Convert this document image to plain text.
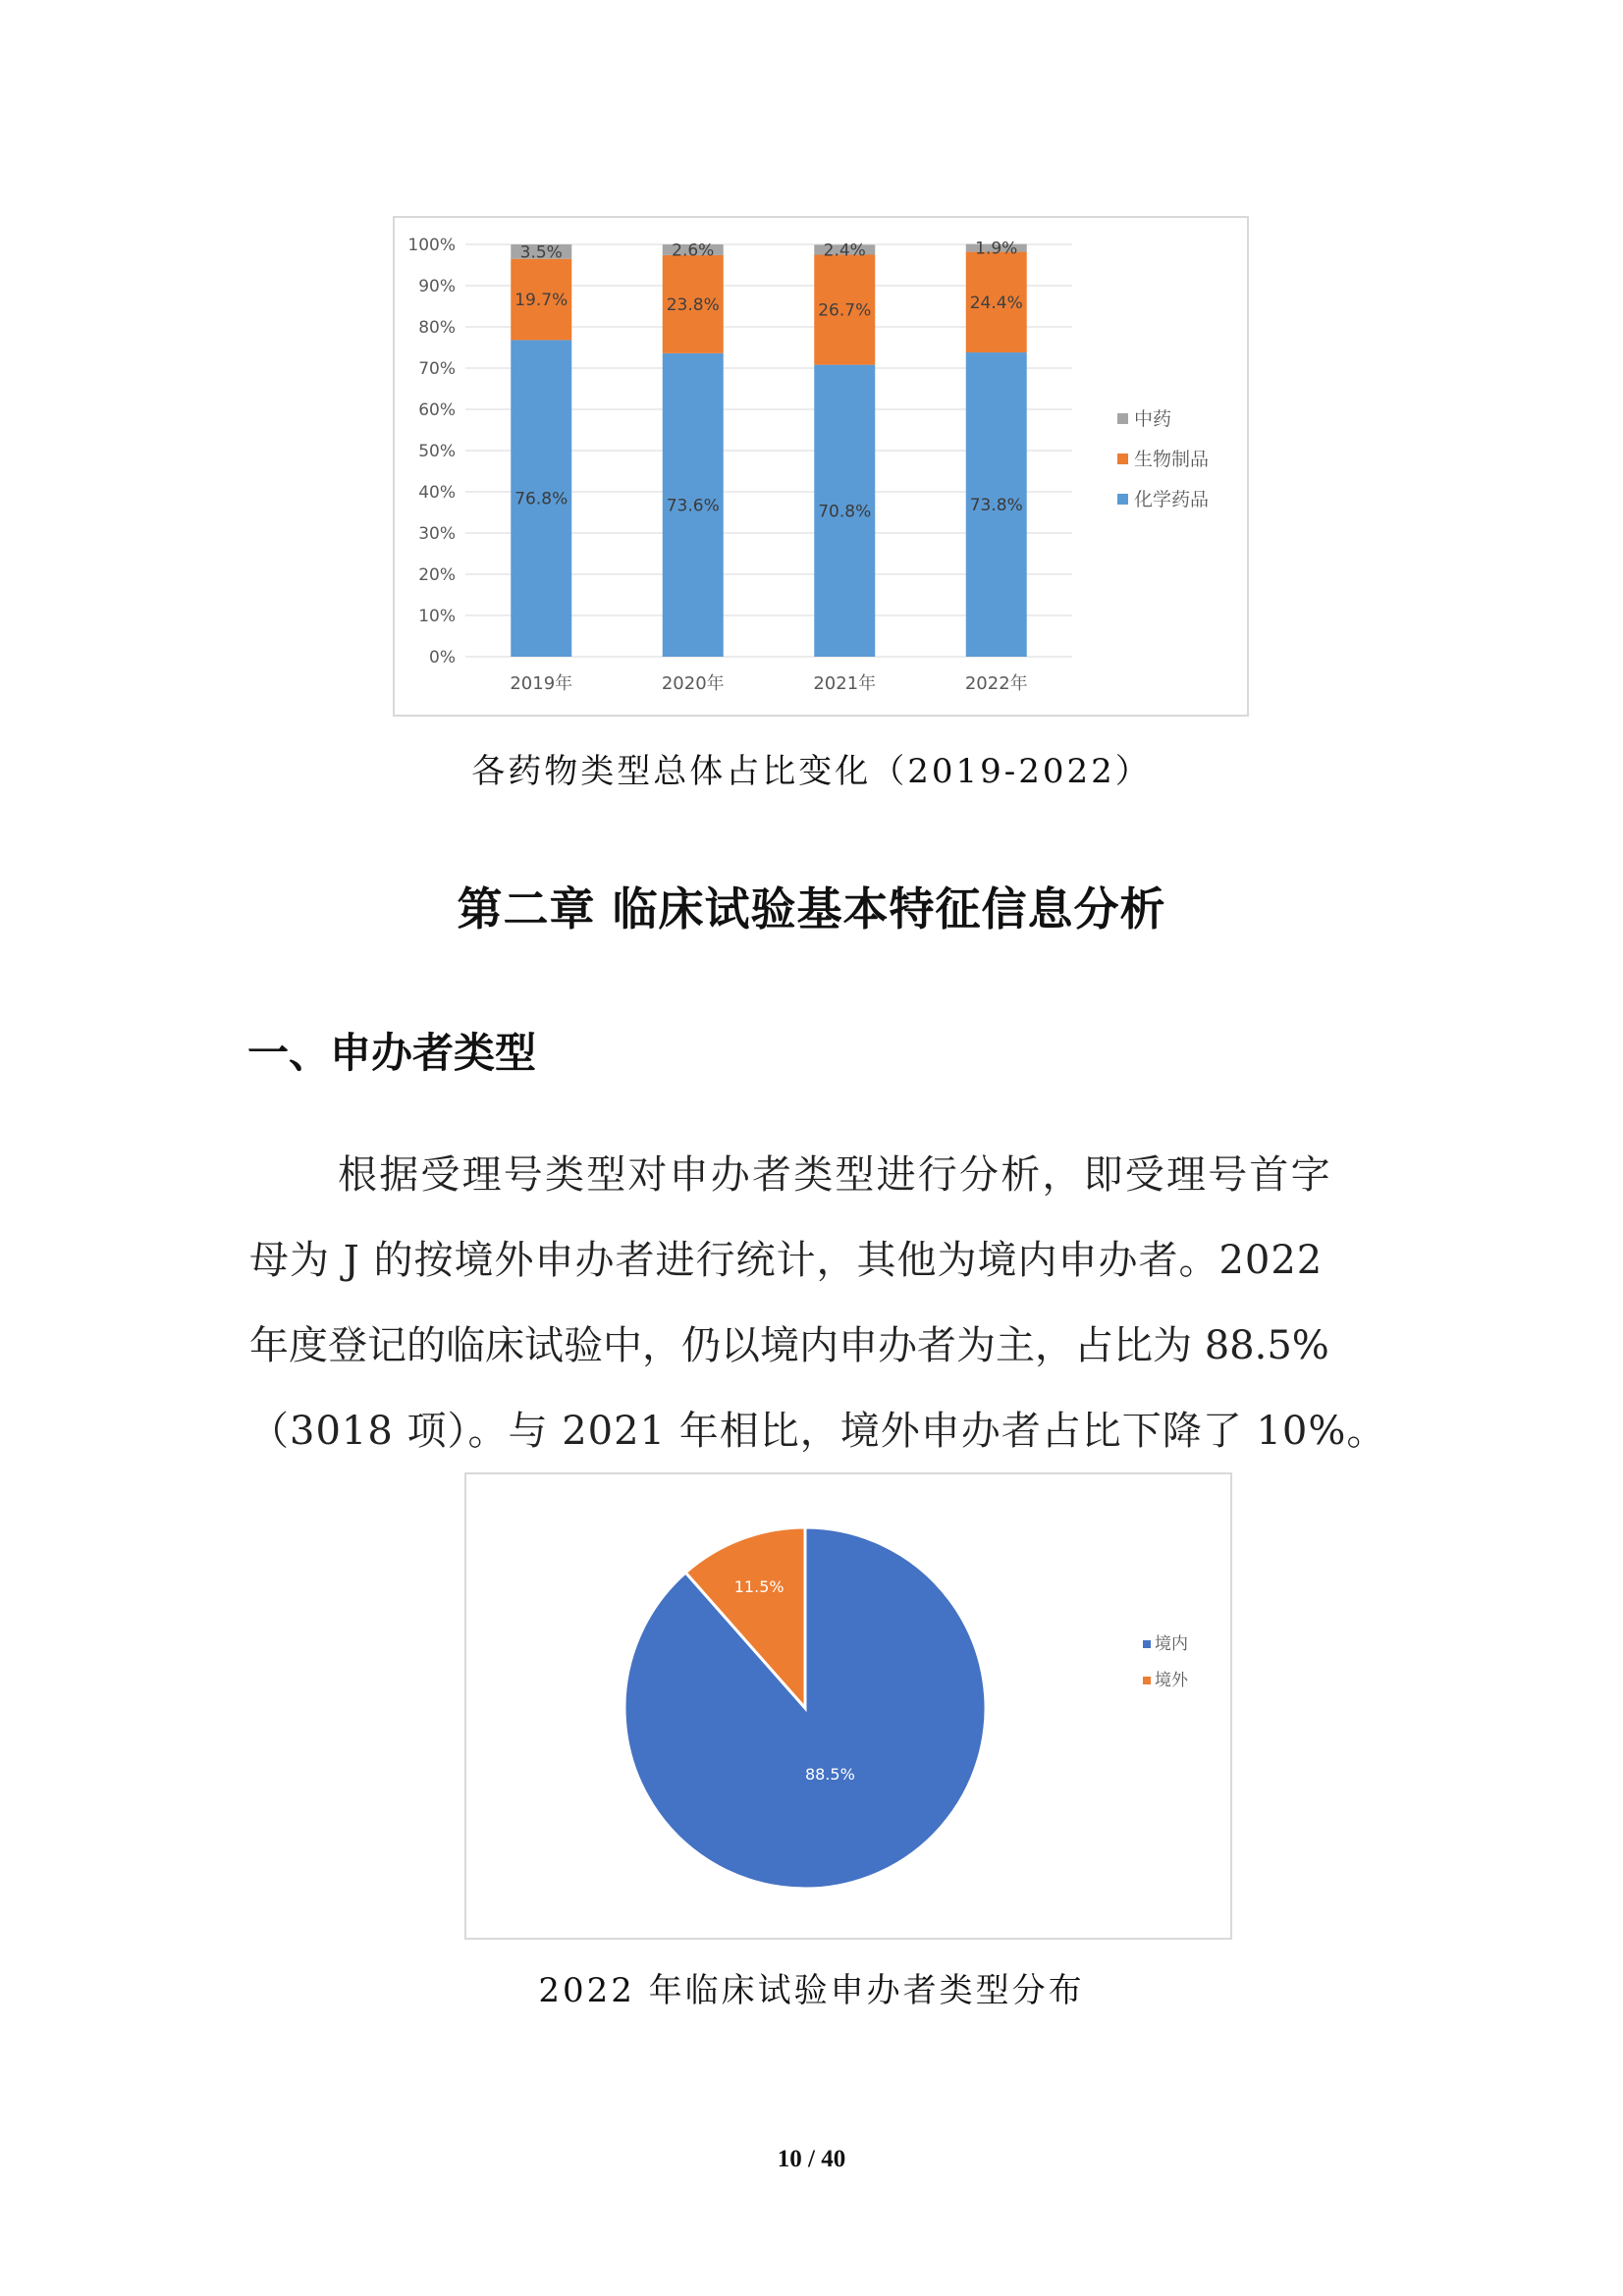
0%
10%
20%
30%
40%
50%
60%
70%
80%
90%
100%
76.8%
19.7%
3.5%
2019年
73.6%
23.8%
2.6%
2020年
70.8%
26.7%
2.4%
2021年
73.8%
24.4%
1.9%
2022年
中药
生物制品
化学药品
各药物类型总体占比变化（2019-2022）
第二章 临床试验基本特征信息分析
一、申办者类型
根据受理号类型对申办者类型进行分析，即受理号首字
母为 J 的按境外申办者进行统计，其他为境内申办者。2022
年度登记的临床试验中，仍以境内申办者为主，占比为 88.5%
（3018 项）。与 2021 年相比，境外申办者占比下降了 10%。
88.5%
11.5%
境内
境外
2022 年临床试验申办者类型分布
10 / 40
